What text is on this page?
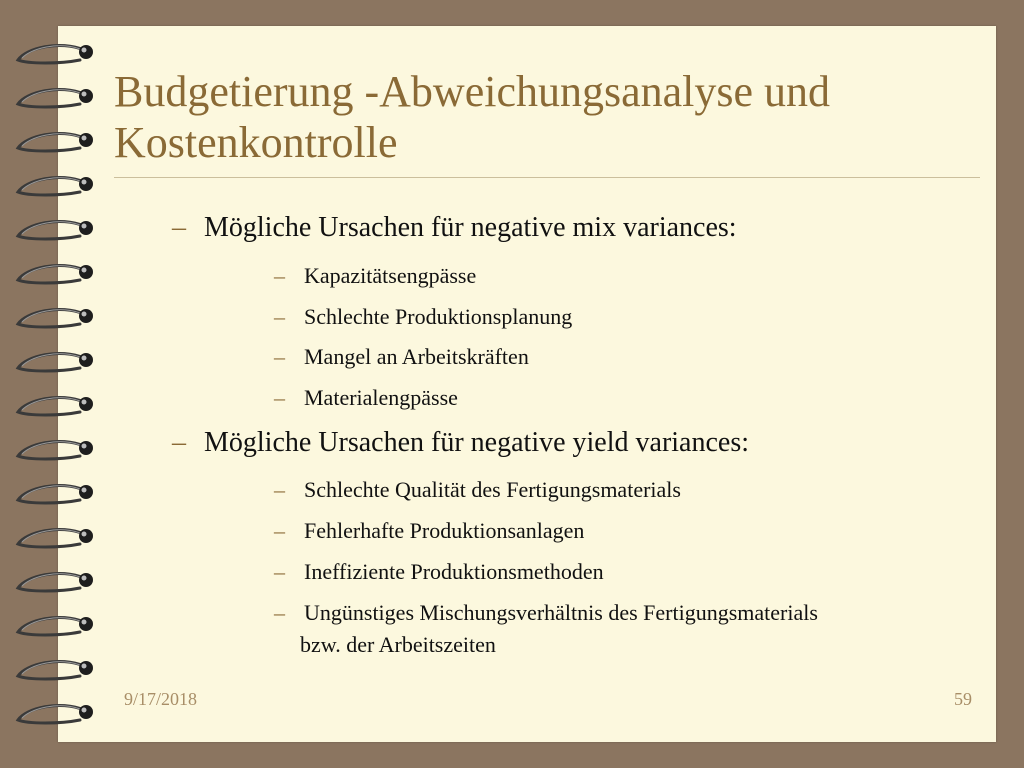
Budgetierung -Abweichungsanalyse und Kostenkontrolle
– Mögliche Ursachen für negative mix variances:
– Kapazitätsengpässe
– Schlechte Produktionsplanung
– Mangel an Arbeitskräften
– Materialengpässe
– Mögliche Ursachen für negative yield variances:
– Schlechte Qualität des Fertigungsmaterials
– Fehlerhafte Produktionsanlagen
– Ineffiziente Produktionsmethoden
– Ungünstiges Mischungsverhältnis des Fertigungsmaterials
bzw. der Arbeitszeiten
9/17/2018	59
